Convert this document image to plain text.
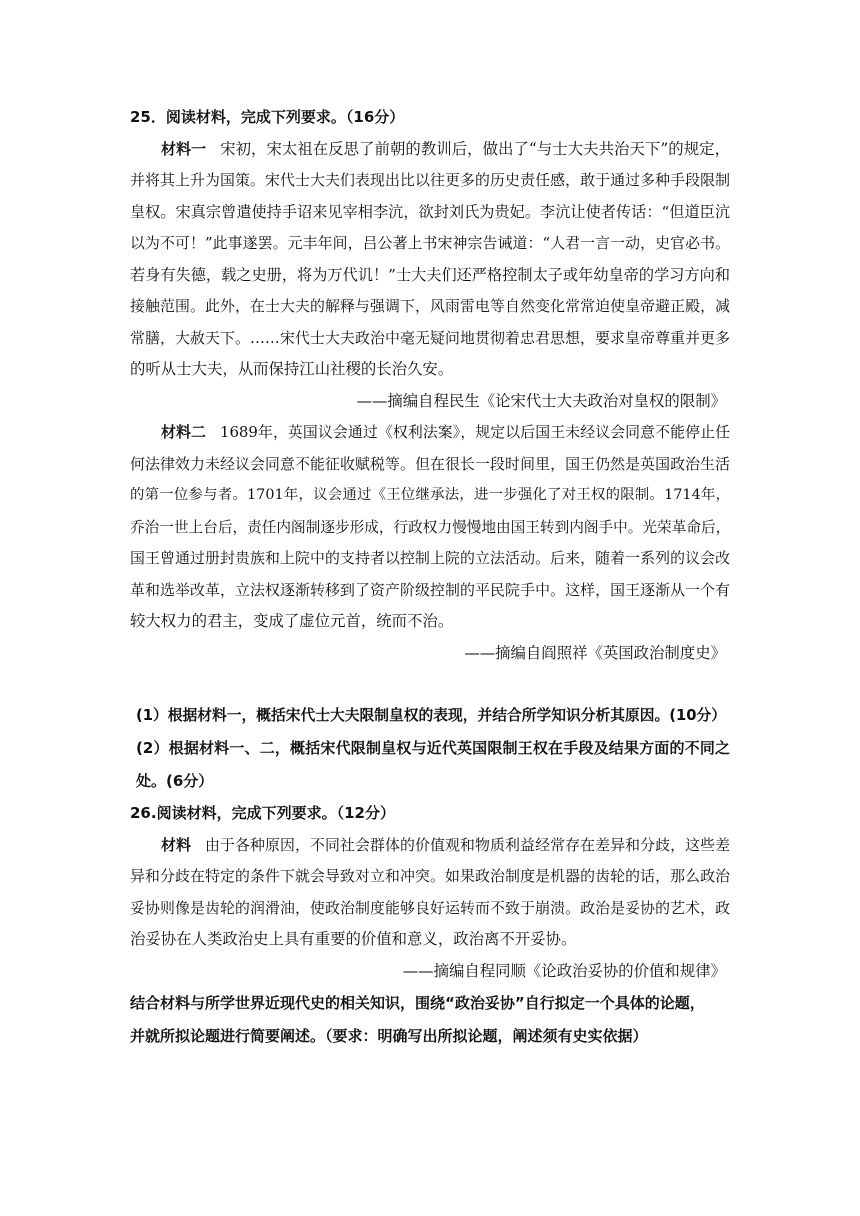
25．阅读材料，完成下列要求。（16分）
材料一 宋初，宋太祖在反思了前朝的教训后，做出了“与士大夫共治天下”的规定，
并将其上升为国策。宋代士大夫们表现出比以往更多的历史责任感，敢于通过多种手段限制
皇权。宋真宗曾遣使持手诏来见宰相李沆，欲封刘氏为贵妃。李沆让使者传话：“但道臣沆
以为不可！”此事遂罢。元丰年间，吕公著上书宋神宗告诫道：“人君一言一动，史官必书。
若身有失德，载之史册，将为万代讥！”士大夫们还严格控制太子或年幼皇帝的学习方向和
接触范围。此外，在士大夫的解释与强调下，风雨雷电等自然变化常常迫使皇帝避正殿，减
常膳，大赦天下。……宋代士大夫政治中毫无疑问地贯彻着忠君思想，要求皇帝尊重并更多
的听从士大夫，从而保持江山社稷的长治久安。
——摘编自程民生《论宋代士大夫政治对皇权的限制》
材料二 1689年，英国议会通过《权利法案》，规定以后国王未经议会同意不能停止任
何法律效力未经议会同意不能征收赋税等。但在很长一段时间里，国王仍然是英国政治生活
的第一位参与者。1701年，议会通过《王位继承法，进一步强化了对王权的限制。1714年，
乔治一世上台后，责任内阁制逐步形成，行政权力慢慢地由国王转到内阁手中。光荣革命后，
国王曾通过册封贵族和上院中的支持者以控制上院的立法活动。后来，随着一系列的议会改
革和选举改革，立法权逐渐转移到了资产阶级控制的平民院手中。这样，国王逐渐从一个有
较大权力的君主，变成了虚位元首，统而不治。
——摘编自阎照祥《英国政治制度史》
(1）根据材料一，概括宋代士大夫限制皇权的表现，并结合所学知识分析其原因。(10分）
(2）根据材料一、二，概括宋代限制皇权与近代英国限制王权在手段及结果方面的不同之
处。(6分）
26.阅读材料，完成下列要求。（12分）
材料 由于各种原因，不同社会群体的价值观和物质利益经常存在差异和分歧，这些差
异和分歧在特定的条件下就会导致对立和冲突。如果政治制度是机器的齿轮的话，那么政治
妥协则像是齿轮的润滑油，使政治制度能够良好运转而不致于崩溃。政治是妥协的艺术，政
治妥协在人类政治史上具有重要的价值和意义，政治离不开妥协。
——摘编自程同顺《论政治妥协的价值和规律》
结合材料与所学世界近现代史的相关知识，围绕“政治妥协”自行拟定一个具体的论题，
并就所拟论题进行简要阐述。（要求：明确写出所拟论题，阐述须有史实依据）
